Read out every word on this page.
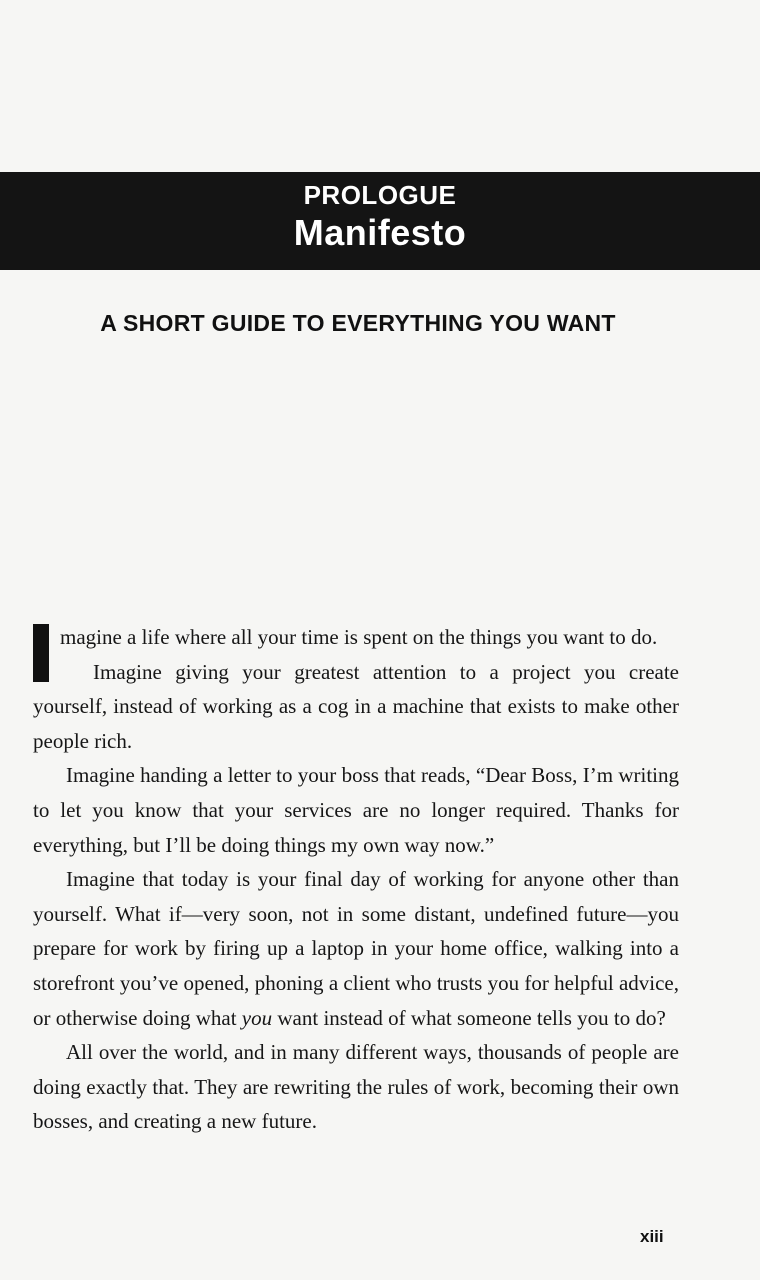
PROLOGUE
Manifesto
A SHORT GUIDE TO EVERYTHING YOU WANT

magine a life where all your time is spent on the things you want to do.

Imagine giving your greatest attention to a project you create yourself, instead of working as a cog in a machine that exists to make other people rich.

Imagine handing a letter to your boss that reads, “Dear Boss, I’m writing to let you know that your services are no longer required. Thanks for everything, but I’ll be doing things my own way now.”

Imagine that today is your final day of working for anyone other than yourself. What if—very soon, not in some distant, undefined future—you prepare for work by firing up a laptop in your home office, walking into a storefront you’ve opened, phoning a client who trusts you for helpful advice, or otherwise doing what you want instead of what someone tells you to do?

All over the world, and in many different ways, thousands of people are doing exactly that. They are rewriting the rules of work, becoming their own bosses, and creating a new future.

xiii
